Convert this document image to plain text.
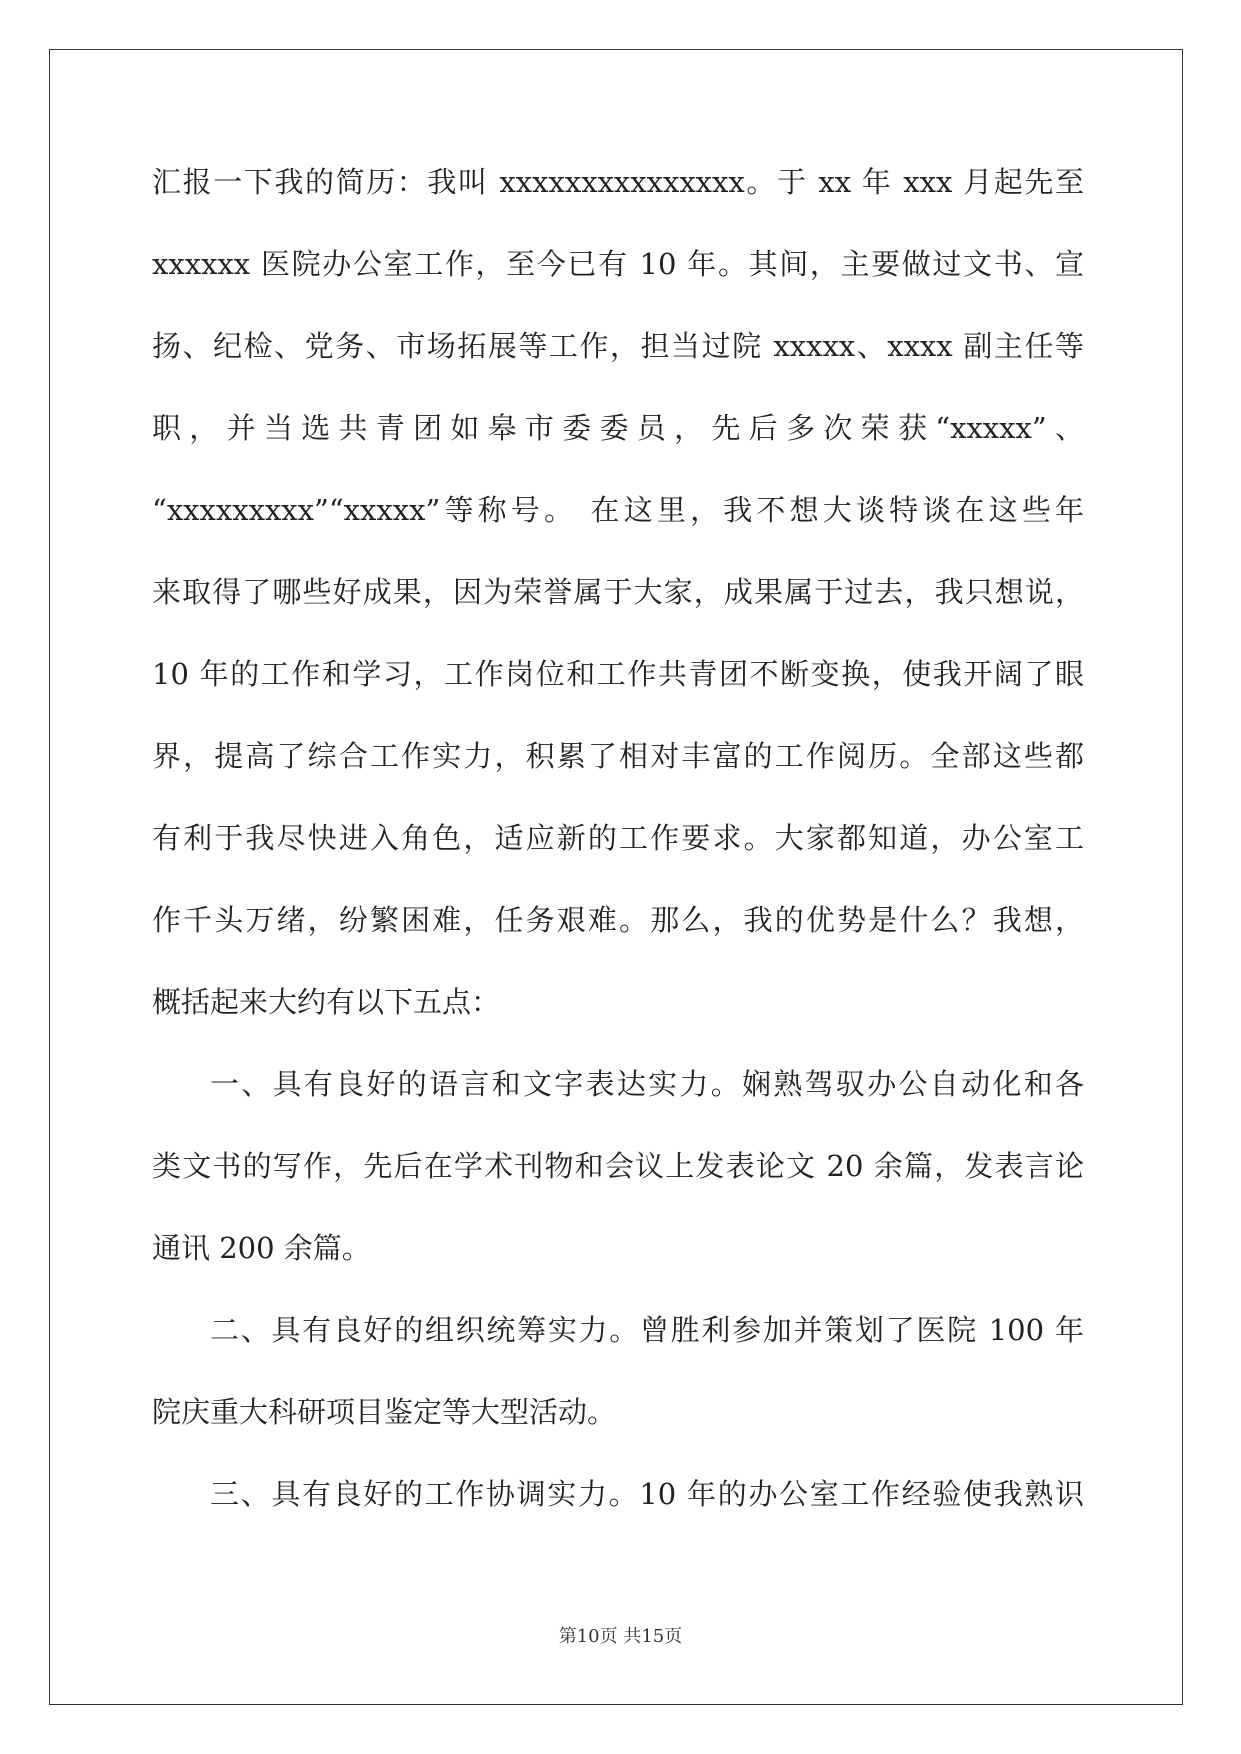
汇报一下我的简历：我叫 xxxxxxxxxxxxxxx。于 xx 年 xxx 月起先至
xxxxxx 医院办公室工作，至今已有 10 年。其间，主要做过文书、宣
扬、纪检、党务、市场拓展等工作，担当过院 xxxxx、xxxx 副主任等
职，并当选共青团如皋市委委员，先后多次荣获“xxxxx”、
“xxxxxxxxx”“xxxxx”等称号。 在这里，我不想大谈特谈在这些年
来取得了哪些好成果，因为荣誉属于大家，成果属于过去，我只想说，
10 年的工作和学习，工作岗位和工作共青团不断变换，使我开阔了眼
界，提高了综合工作实力，积累了相对丰富的工作阅历。全部这些都
有利于我尽快进入角色，适应新的工作要求。大家都知道，办公室工
作千头万绪，纷繁困难，任务艰难。那么，我的优势是什么？我想，
概括起来大约有以下五点：
一、具有良好的语言和文字表达实力。娴熟驾驭办公自动化和各
类文书的写作，先后在学术刊物和会议上发表论文 20 余篇，发表言论
通讯 200 余篇。
二、具有良好的组织统筹实力。曾胜利参加并策划了医院 100 年
院庆重大科研项目鉴定等大型活动。
三、具有良好的工作协调实力。10 年的办公室工作经验使我熟识
第10页 共15页
